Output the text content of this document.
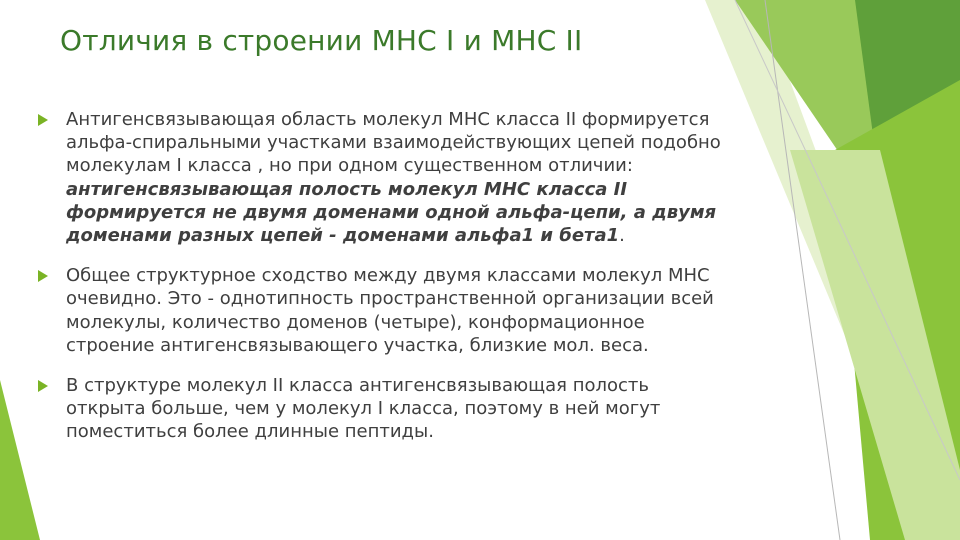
Отличия в строении МНС I и МНС II
Антигенсвязывающая область молекул МНС класса II формируется альфа-спиральными участками взаимодействующих цепей подобно молекулам I класса , но при одном существенном отличии: антигенсвязывающая полость молекул МНС класса II формируется не двумя доменами одной альфа-цепи, а двумя доменами разных цепей - доменами альфа1 и бета1.
Общее структурное сходство между двумя классами молекул МНС очевидно. Это - однотипность пространственной организации всей молекулы, количество доменов (четыре), конформационное строение антигенсвязывающего участка, близкие мол. веса.
В структуре молекул II класса антигенсвязывающая полость открыта больше, чем у молекул I класса, поэтому в ней могут поместиться более длинные пептиды.
